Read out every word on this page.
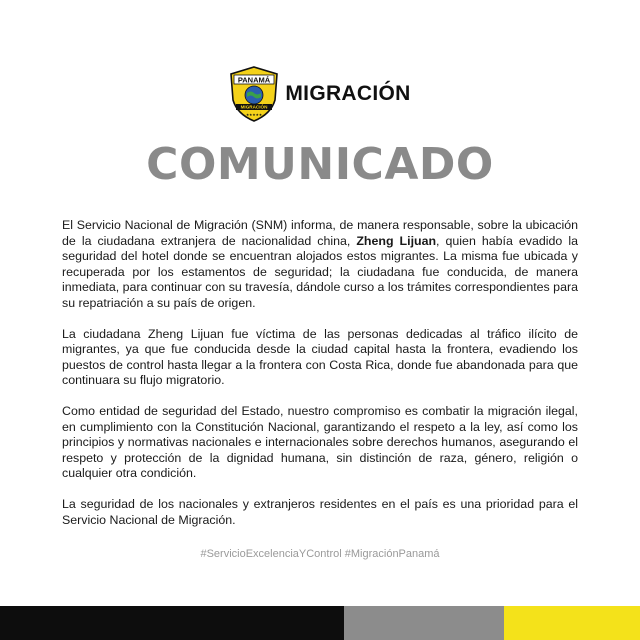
PANAMÁ
MIGRACIÓN
★★★★★
MIGRACIÓN
COMUNICADO

El Servicio Nacional de Migración (SNM) informa, de manera responsable, sobre la ubicación de la ciudadana extranjera de nacionalidad china, Zheng Lijuan, quien había evadido la seguridad del hotel donde se encuentran alojados estos migrantes. La misma fue ubicada y recuperada por los estamentos de seguridad; la ciudadana fue conducida, de manera inmediata, para continuar con su travesía, dándole curso a los trámites correspondientes para su repatriación a su país de origen.

La ciudadana Zheng Lijuan fue víctima de las personas dedicadas al tráfico ilícito de migrantes, ya que fue conducida desde la ciudad capital hasta la frontera, evadiendo los puestos de control hasta llegar a la frontera con Costa Rica, donde fue abandonada para que continuara su flujo migratorio.

Como entidad de seguridad del Estado, nuestro compromiso es combatir la migración ilegal, en cumplimiento con la Constitución Nacional, garantizando el respeto a la ley, así como los principios y normativas nacionales e internacionales sobre derechos humanos, asegurando el respeto y protección de la dignidad humana, sin distinción de raza, género, religión o cualquier otra condición.

La seguridad de los nacionales y extranjeros residentes en el país es una prioridad para el Servicio Nacional de Migración.

#ServicioExcelenciaYControl #MigraciónPanamá
